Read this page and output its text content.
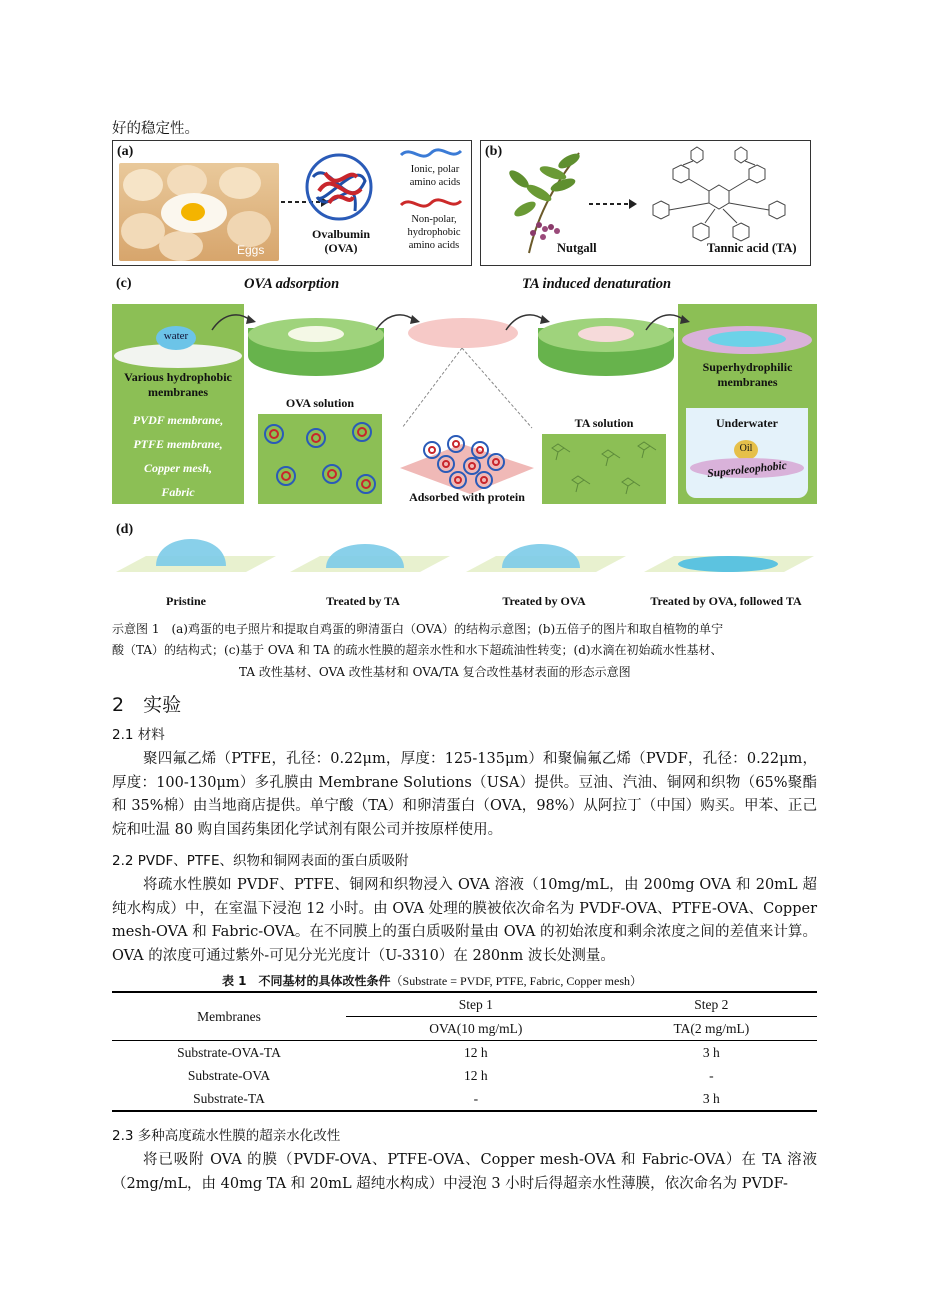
好的稳定性。
(a)
Eggs
Ovalbumin
(OVA)
Ionic, polar
amino acids
Non-polar,
hydrophobic
amino acids
(b)
Nutgall	Tannic acid (TA)
(c)	OVA adsorption	TA induced denaturation
water
Various hydrophobic
membranes
PVDF membrane,
PTFE membrane,
Copper mesh,
Fabric
OVA solution
Adsorbed with protein
TA solution
Superhydrophilic
membranes
Underwater
Oil
Superoleophobic
(d)
Pristine	Treated by TA	Treated by OVA	Treated by OVA, followed TA
示意图 1　(a)鸡蛋的电子照片和提取自鸡蛋的卵清蛋白（OVA）的结构示意图；(b)五倍子的图片和取自植物的单宁
酸（TA）的结构式；(c)基于 OVA 和 TA 的疏水性膜的超亲水性和水下超疏油性转变；(d)水滴在初始疏水性基材、
TA 改性基材、OVA 改性基材和 OVA/TA 复合改性基材表面的形态示意图
2　实验
2.1 材料
聚四氟乙烯（PTFE，孔径：0.22μm，厚度：125-135μm）和聚偏氟乙烯（PVDF，孔径：0.22μm，厚度：100-130μm）多孔膜由 Membrane Solutions（USA）提供。豆油、汽油、铜网和织物（65%聚酯和 35%棉）由当地商店提供。单宁酸（TA）和卵清蛋白（OVA，98%）从阿拉丁（中国）购买。甲苯、正己烷和吐温 80 购自国药集团化学试剂有限公司并按原样使用。
2.2 PVDF、PTFE、织物和铜网表面的蛋白质吸附
将疏水性膜如 PVDF、PTFE、铜网和织物浸入 OVA 溶液（10mg/mL，由 200mg OVA 和 20mL 超纯水构成）中，在室温下浸泡 12 小时。由 OVA 处理的膜被依次命名为 PVDF-OVA、PTFE-OVA、Copper mesh-OVA 和 Fabric-OVA。在不同膜上的蛋白质吸附量由 OVA 的初始浓度和剩余浓度之间的差值来计算。OVA 的浓度可通过紫外-可见分光光度计（U-3310）在 280nm 波长处测量。
表 1　不同基材的具体改性条件（Substrate = PVDF, PTFE, Fabric, Copper mesh）
Membranes	Step 1	Step 2
	OVA(10 mg/mL)	TA(2 mg/mL)
Substrate-OVA-TA	12 h	3 h
Substrate-OVA	12 h	-
Substrate-TA	-	3 h
2.3 多种高度疏水性膜的超亲水化改性
将已吸附 OVA 的膜（PVDF-OVA、PTFE-OVA、Copper mesh-OVA 和 Fabric-OVA）在 TA 溶液（2mg/mL，由 40mg TA 和 20mL 超纯水构成）中浸泡 3 小时后得超亲水性薄膜，依次命名为 PVDF-
